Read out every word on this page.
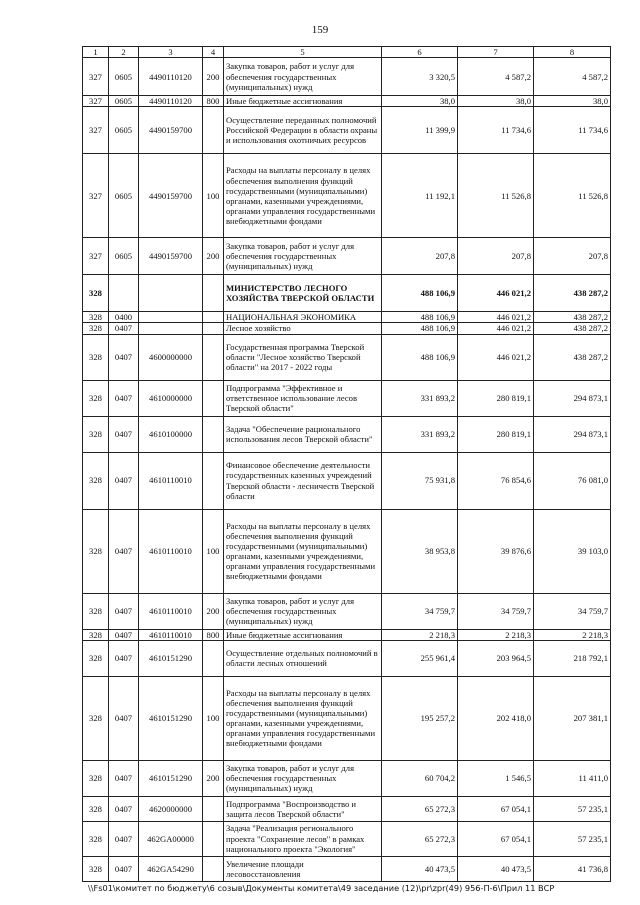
159
1	2	3	4	5	6	7	8
327	0605	4490110120	200	Закупка товаров, работ и услуг для обеспечения государственных (муниципальных) нужд	3 320,5	4 587,2	4 587,2
327	0605	4490110120	800	Иные бюджетные ассигнования	38,0	38,0	38,0
327	0605	4490159700		Осуществление переданных полномочий Российской Федерации в области охраны и использования охотничьих ресурсов	11 399,9	11 734,6	11 734,6
327	0605	4490159700	100	Расходы на выплаты персоналу в целях обеспечения выполнения функций государственными (муниципальными) органами, казенными учреждениями, органами управления государственными внебюджетными фондами	11 192,1	11 526,8	11 526,8
327	0605	4490159700	200	Закупка товаров, работ и услуг для обеспечения государственных (муниципальных) нужд	207,8	207,8	207,8
328				МИНИСТЕРСТВО ЛЕСНОГО ХОЗЯЙСТВА ТВЕРСКОЙ ОБЛАСТИ	488 106,9	446 021,2	438 287,2
328	0400			НАЦИОНАЛЬНАЯ ЭКОНОМИКА	488 106,9	446 021,2	438 287,2
328	0407			Лесное хозяйство	488 106,9	446 021,2	438 287,2
328	0407	4600000000		Государственная программа Тверской области "Лесное хозяйство Тверской области" на 2017 - 2022 годы	488 106,9	446 021,2	438 287,2
328	0407	4610000000		Подпрограмма "Эффективное и ответственное использование лесов Тверской области"	331 893,2	280 819,1	294 873,1
328	0407	4610100000		Задача "Обеспечение рационального использования лесов Тверской области"	331 893,2	280 819,1	294 873,1
328	0407	4610110010		Финансовое обеспечение деятельности государственных казенных учреждений Тверской области - лесничеств Тверской области	75 931,8	76 854,6	76 081,0
328	0407	4610110010	100	Расходы на выплаты персоналу в целях обеспечения выполнения функций государственными (муниципальными) органами, казенными учреждениями, органами управления государственными внебюджетными фондами	38 953,8	39 876,6	39 103,0
328	0407	4610110010	200	Закупка товаров, работ и услуг для обеспечения государственных (муниципальных) нужд	34 759,7	34 759,7	34 759,7
328	0407	4610110010	800	Иные бюджетные ассигнования	2 218,3	2 218,3	2 218,3
328	0407	4610151290		Осуществление отдельных полномочий в области лесных отношений	255 961,4	203 964,5	218 792,1
328	0407	4610151290	100	Расходы на выплаты персоналу в целях обеспечения выполнения функций государственными (муниципальными) органами, казенными учреждениями, органами управления государственными внебюджетными фондами	195 257,2	202 418,0	207 381,1
328	0407	4610151290	200	Закупка товаров, работ и услуг для обеспечения государственных (муниципальных) нужд	60 704,2	1 546,5	11 411,0
328	0407	4620000000		Подпрограмма "Воспроизводство и защита лесов Тверской области"	65 272,3	67 054,1	57 235,1
328	0407	462GA00000		Задача "Реализация регионального проекта "Сохранение лесов" в рамках национального проекта "Экология"	65 272,3	67 054,1	57 235,1
328	0407	462GA54290		Увеличение площади лесовосстановления	40 473,5	40 473,5	41 736,8
\\Fs01\комитет по бюджету\6 созыв\Документы комитета\49 заседание (12)\pr\zpr(49) 956-П-6\Прил 11 ВСР
